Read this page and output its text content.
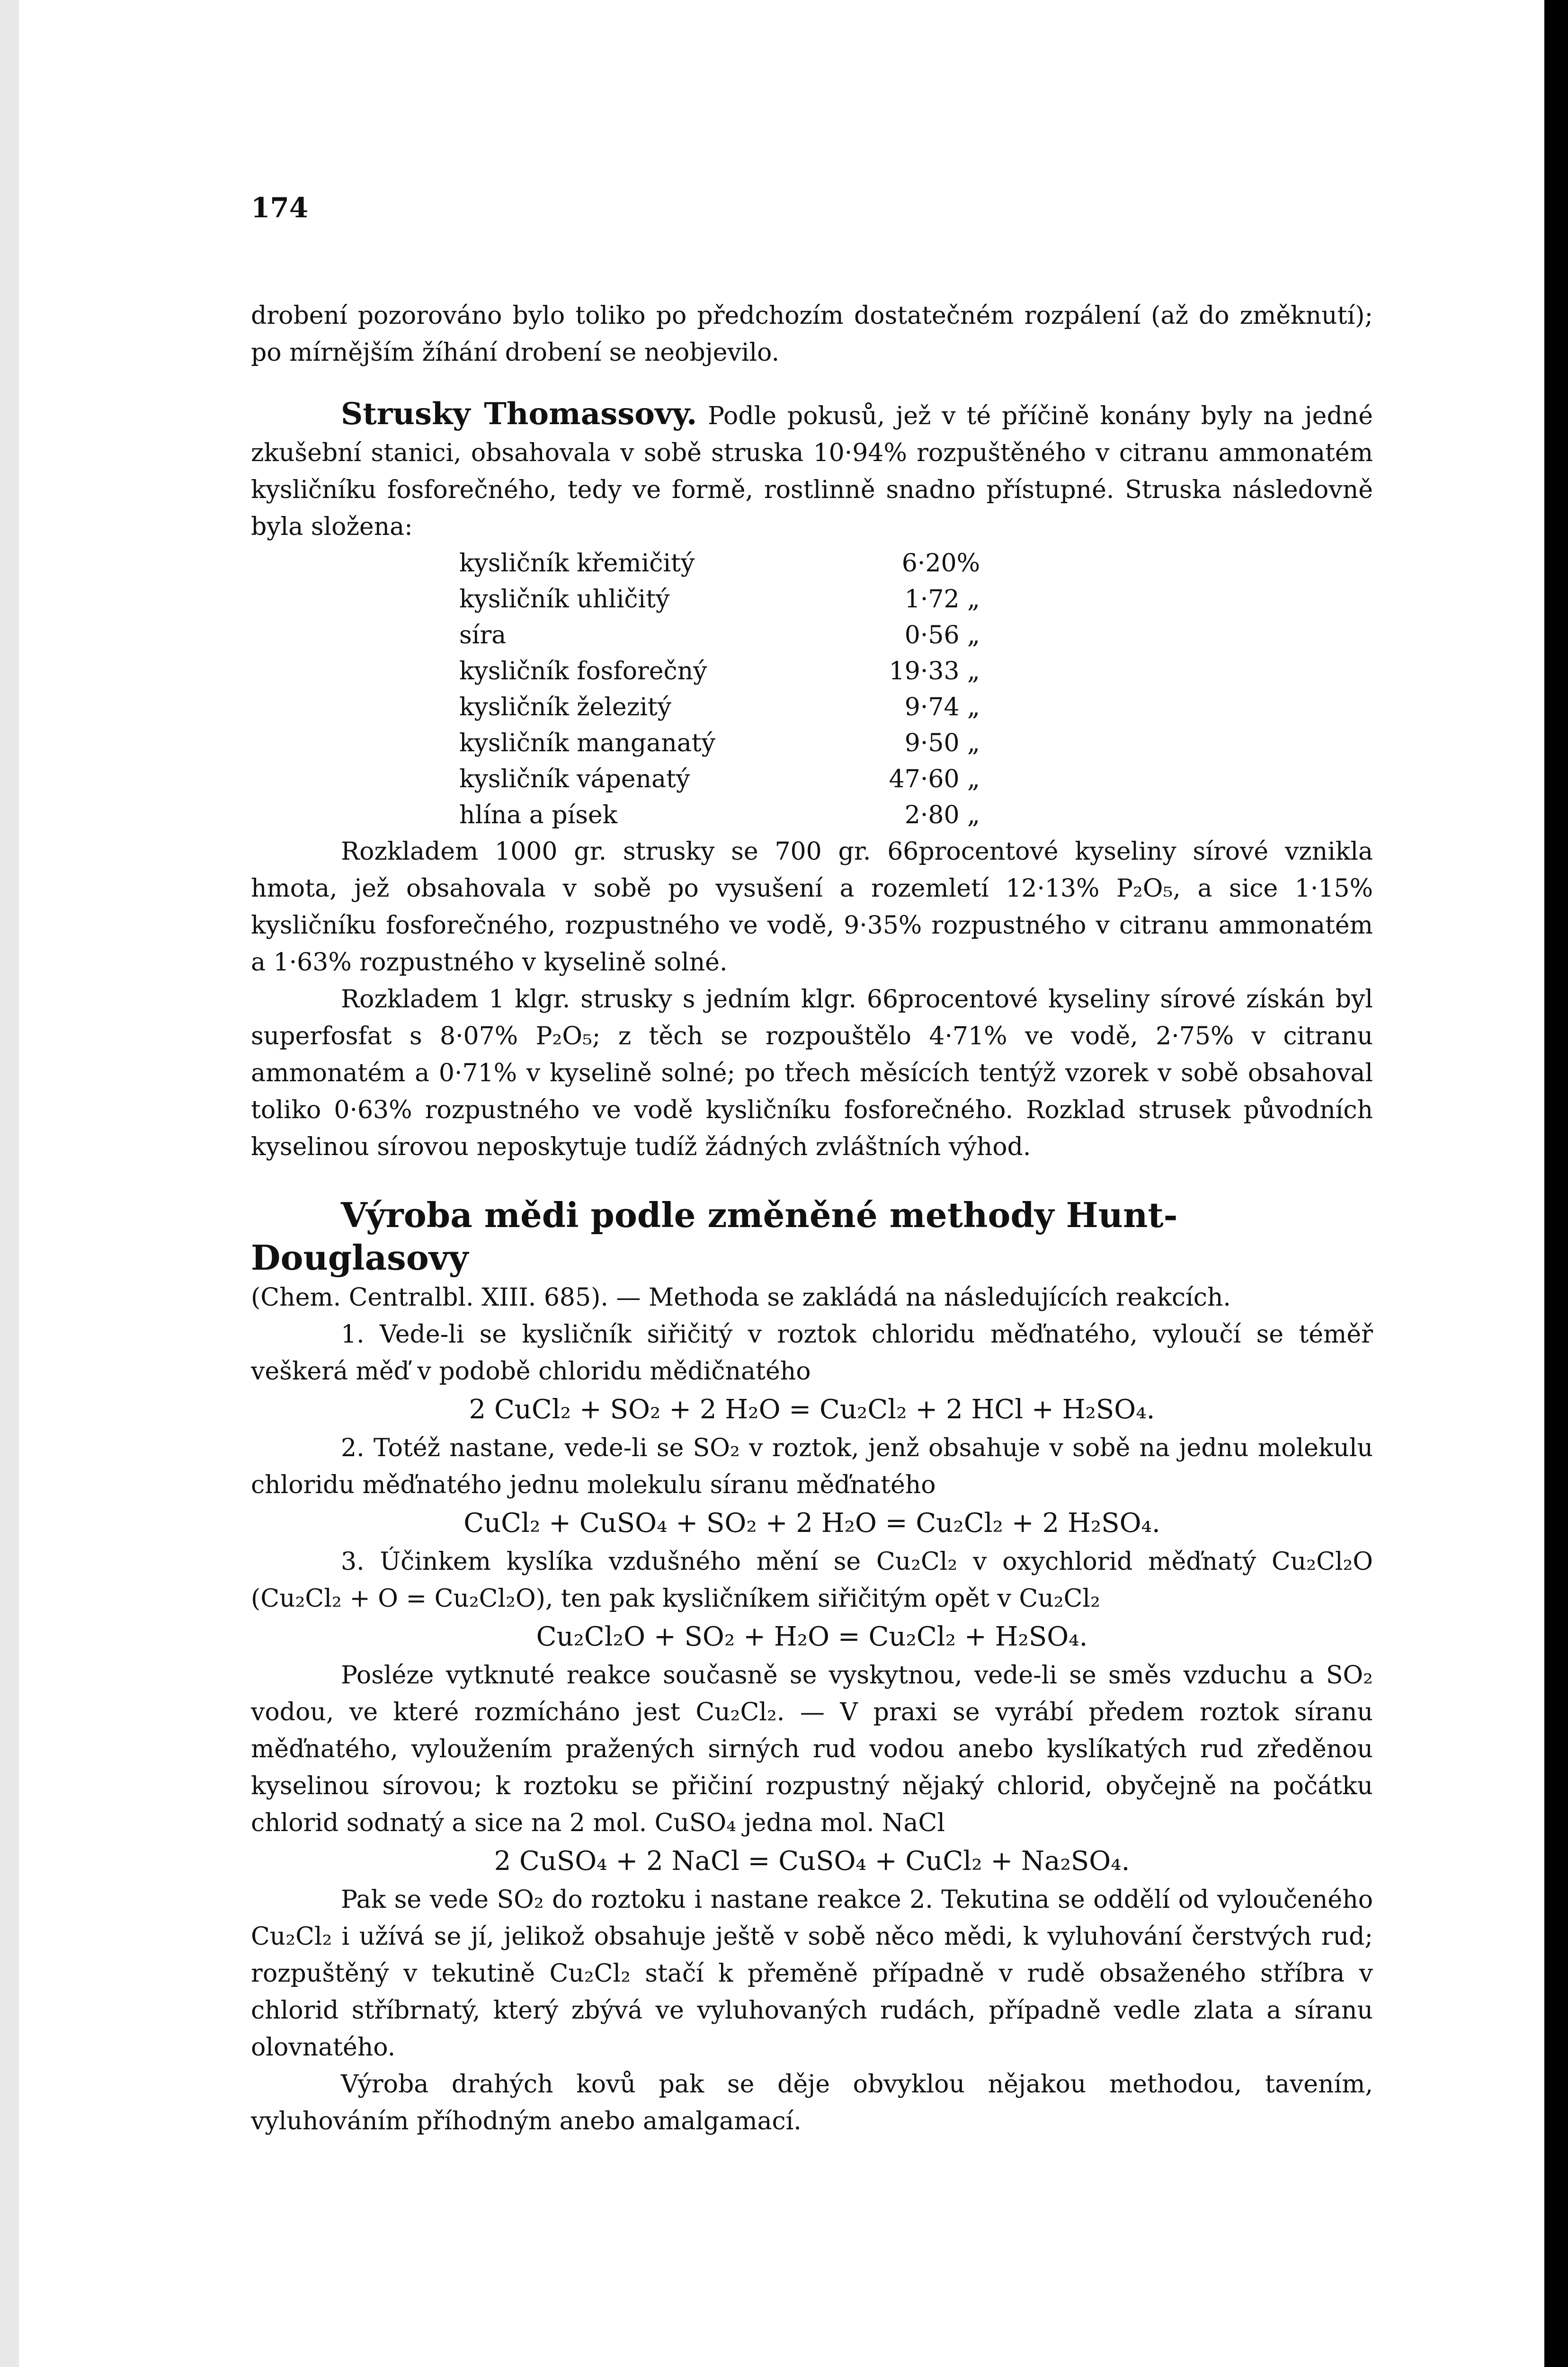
174

drobení pozorováno bylo toliko po předchozím dostatečném rozpálení (až do změknutí); po mírnějším žíhání drobení se neobjevilo.

Strusky Thomassovy. Podle pokusů, jež v té příčině konány byly na jedné zkušební stanici, obsahovala v sobě struska 10·94% rozpuštěného v citranu ammonatém kysličníku fosforečného, tedy ve formě, rostlinně snadno přístupné. Struska následovně byla složena:

kysličník křemičitý	6·20%
kysličník uhličitý	1·72 „
síra	0·56 „
kysličník fosforečný	19·33 „
kysličník železitý	9·74 „
kysličník manganatý	9·50 „
kysličník vápenatý	47·60 „
hlína a písek	2·80 „

Rozkladem 1000 gr. strusky se 700 gr. 66procentové kyseliny sírové vznikla hmota, jež obsahovala v sobě po vysušení a rozemletí 12·13% P₂O₅, a sice 1·15% kysličníku fosforečného, rozpustného ve vodě, 9·35% rozpustného v citranu ammonatém a 1·63% rozpustného v kyselině solné.

Rozkladem 1 klgr. strusky s jedním klgr. 66procentové kyseliny sírové získán byl superfosfat s 8·07% P₂O₅; z těch se rozpouštělo 4·71% ve vodě, 2·75% v citranu ammonatém a 0·71% v kyselině solné; po třech měsících tentýž vzorek v sobě obsahoval toliko 0·63% rozpustného ve vodě kysličníku fosforečného. Rozklad strusek původních kyselinou sírovou neposkytuje tudíž žádných zvláštních výhod.

Výroba mědi podle změněné methody Hunt-Douglasovy

(Chem. Centralbl. XIII. 685). — Methoda se zakládá na následujících reakcích.

1. Vede-li se kysličník siřičitý v roztok chloridu měďnatého, vyloučí se téměř veškerá měď v podobě chloridu mědičnatého

2 CuCl₂ + SO₂ + 2 H₂O = Cu₂Cl₂ + 2 HCl + H₂SO₄.

2. Totéž nastane, vede-li se SO₂ v roztok, jenž obsahuje v sobě na jednu molekulu chloridu měďnatého jednu molekulu síranu měďnatého

CuCl₂ + CuSO₄ + SO₂ + 2 H₂O = Cu₂Cl₂ + 2 H₂SO₄.

3. Účinkem kyslíka vzdušného mění se Cu₂Cl₂ v oxychlorid měďnatý Cu₂Cl₂O (Cu₂Cl₂ + O = Cu₂Cl₂O), ten pak kysličníkem siřičitým opět v Cu₂Cl₂

Cu₂Cl₂O + SO₂ + H₂O = Cu₂Cl₂ + H₂SO₄.

Posléze vytknuté reakce současně se vyskytnou, vede-li se směs vzduchu a SO₂ vodou, ve které rozmícháno jest Cu₂Cl₂. — V praxi se vyrábí předem roztok síranu měďnatého, vyloužením pražených sirných rud vodou anebo kyslíkatých rud zředěnou kyselinou sírovou; k roztoku se přičiní rozpustný nějaký chlorid, obyčejně na počátku chlorid sodnatý a sice na 2 mol. CuSO₄ jedna mol. NaCl

2 CuSO₄ + 2 NaCl = CuSO₄ + CuCl₂ + Na₂SO₄.

Pak se vede SO₂ do roztoku i nastane reakce 2. Tekutina se oddělí od vyloučeného Cu₂Cl₂ i užívá se jí, jelikož obsahuje ještě v sobě něco mědi, k vyluhování čerstvých rud; rozpuštěný v tekutině Cu₂Cl₂ stačí k přeměně případně v rudě obsaženého stříbra v chlorid stříbrnatý, který zbývá ve vyluhovaných rudách, případně vedle zlata a síranu olovnatého.

Výroba drahých kovů pak se děje obvyklou nějakou methodou, tavením, vyluhováním příhodným anebo amalgamací.
